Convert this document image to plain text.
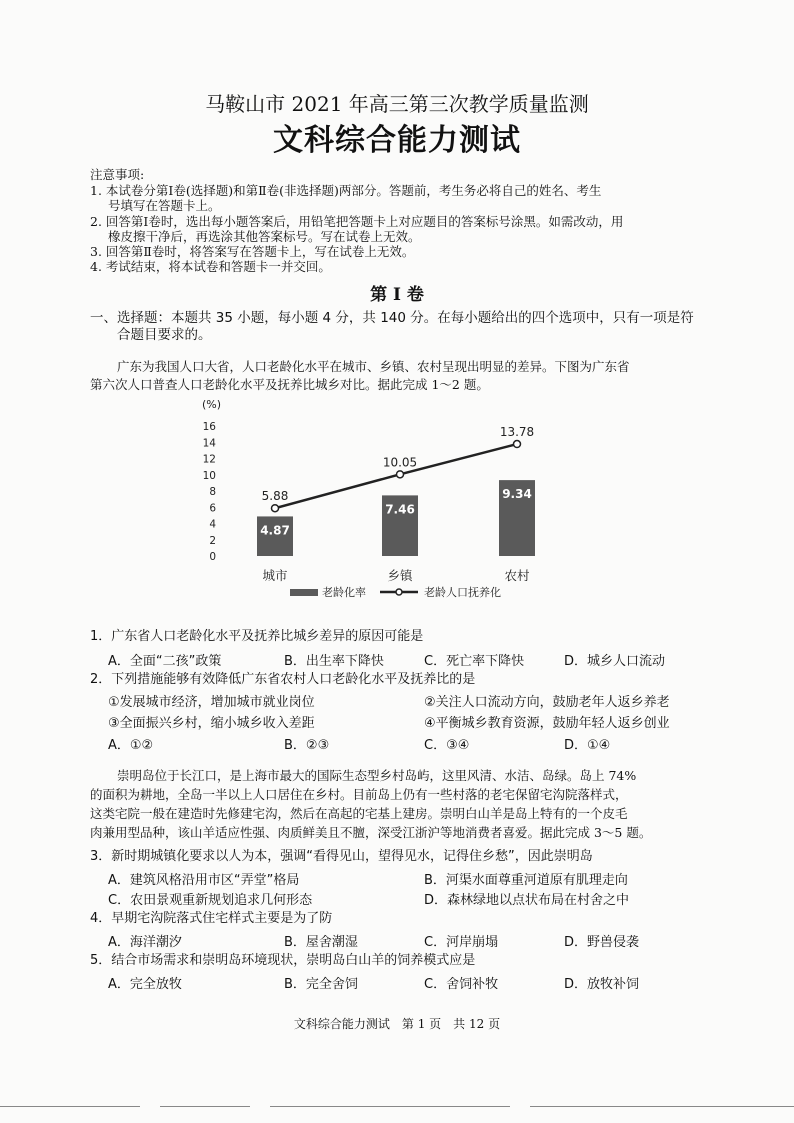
马鞍山市 2021 年高三第三次教学质量监测
文科综合能力测试
注意事项:
1. 本试卷分第Ⅰ卷(选择题)和第Ⅱ卷(非选择题)两部分。答题前，考生务必将自己的姓名、考生
号填写在答题卡上。
2. 回答第Ⅰ卷时，选出每小题答案后，用铅笔把答题卡上对应题目的答案标号涂黑。如需改动，用
橡皮擦干净后，再选涂其他答案标号。写在试卷上无效。
3. 回答第Ⅱ卷时，将答案写在答题卡上，写在试卷上无效。
4. 考试结束，将本试卷和答题卡一并交回。
第 Ⅰ 卷
一、选择题：本题共 35 小题，每小题 4 分，共 140 分。在每小题给出的四个选项中，只有一项是符
合题目要求的。
广东为我国人口大省，人口老龄化水平在城市、乡镇、农村呈现出明显的差异。下图为广东省
第六次人口普查人口老龄化水平及抚养比城乡对比。据此完成 1～2 题。
(%)
16
14
12
10
8
6
4
2
0
4.87
城市
7.46
乡镇
9.34
农村
5.88
10.05
13.78
老龄化率	老龄人口抚养化
1．广东省人口老龄化水平及抚养比城乡差异的原因可能是
A．全面“二孩”政策	B．出生率下降快	C．死亡率下降快	D．城乡人口流动
2．下列措施能够有效降低广东省农村人口老龄化水平及抚养比的是
①发展城市经济，增加城市就业岗位	②关注人口流动方向，鼓励老年人返乡养老
③全面振兴乡村，缩小城乡收入差距	④平衡城乡教育资源，鼓励年轻人返乡创业
A．①②	B．②③	C．③④	D．①④
崇明岛位于长江口，是上海市最大的国际生态型乡村岛屿，这里风清、水洁、岛绿。岛上 74%
的面积为耕地，全岛一半以上人口居住在乡村。目前岛上仍有一些村落的老宅保留宅沟院落样式，
这类宅院一般在建造时先修建宅沟，然后在高起的宅基上建房。崇明白山羊是岛上特有的一个皮毛
肉兼用型品种，该山羊适应性强、肉质鲜美且不膻，深受江浙沪等地消费者喜爱。据此完成 3～5 题。
3．新时期城镇化要求以人为本，强调“看得见山，望得见水，记得住乡愁”，因此崇明岛
A．建筑风格沿用市区“弄堂”格局	B．河渠水面尊重河道原有肌理走向
C．农田景观重新规划追求几何形态	D．森林绿地以点状布局在村舍之中
4．早期宅沟院落式住宅样式主要是为了防
A．海洋潮汐	B．屋舍潮湿	C．河岸崩塌	D．野兽侵袭
5．结合市场需求和崇明岛环境现状，崇明岛白山羊的饲养模式应是
A．完全放牧	B．完全舍饲	C．舍饲补牧	D．放牧补饲
文科综合能力测试　第 1 页　共 12 页
